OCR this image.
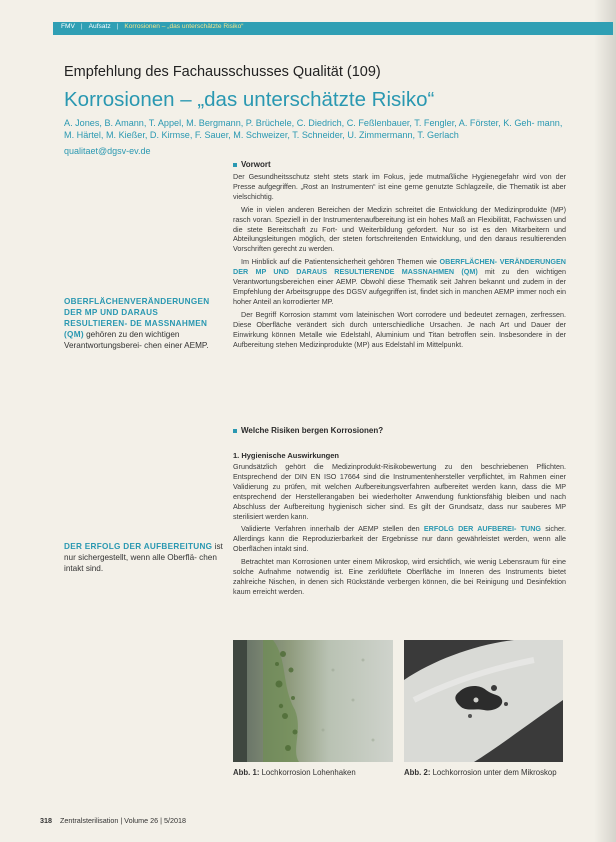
FMV | Aufsatz | Korrosionen – „das unterschätzte Risiko“
Empfehlung des Fachausschusses Qualität (109)
Korrosionen – „das unterschätzte Risiko“
A. Jones, B. Amann, T. Appel, M. Bergmann, P. Brüchele, C. Diedrich, C. Feßlenbauer, T. Fengler, A. Förster, K. Geh- mann, M. Härtel, M. Kießer, D. Kirmse, F. Sauer, M. Schweizer, T. Schneider, U. Zimmermann, T. Gerlach
qualitaet@dgsv-ev.de
OBERFLÄCHENVERÄNDERUNGEN DER MP UND DARAUS RESULTIEREN- DE MASSNAHMEN (QM) gehören zu den wichtigen Verantwortungsberei- chen einer AEMP.
DER ERFOLG DER AUFBEREITUNG ist nur sichergestellt, wenn alle Oberflä- chen intakt sind.
Vorwort

Der Gesundheitsschutz steht stets stark im Fokus, jede mutmaßliche Hygienegefahr wird von der Presse aufgegriffen. „Rost an Instrumenten“ ist eine gerne genutzte Schlagzeile, die Thematik ist aber vielschichtig.

Wie in vielen anderen Bereichen der Medizin schreitet die Entwicklung der Medizinprodukte (MP) rasch voran. Speziell in der Instrumentenaufbereitung ist ein hohes Maß an Flexibilität, Fachwissen und die stete Bereitschaft zu Fort- und Weiterbildung gefordert. Nur so ist es den Mitarbeitern und Abteilungsleitungen möglich, der steten fortschreitenden Entwicklung, und den daraus resultierenden Vorschriften gerecht zu werden.

Im Hinblick auf die Patientensicherheit gehören Themen wie OBERFLÄCHEN- VERÄNDERUNGEN DER MP UND DARAUS RESULTIERENDE MASSNAHMEN (QM) mit zu den wichtigen Verantwortungsbereichen einer AEMP. Obwohl diese Thematik seit Jahren bekannt und zudem in der Empfehlung der Arbeitsgruppe des DGSV aufgegriffen ist, findet sich in manchen AEMP immer noch ein hoher Anteil an korrodierter MP.

Der Begriff Korrosion stammt vom lateinischen Wort corrodere und bedeutet zernagen, zerfressen. Diese Oberfläche verändert sich durch unterschiedliche Ursachen. Je nach Art und Dauer der Einwirkung können Metalle wie Edelstahl, Aluminium und Titan betroffen sein. Insbesondere in der Aufbereitung stehen Medizinprodukte (MP) aus Edelstahl im Mittelpunkt.

Welche Risiken bergen Korrosionen?
1. Hygienische Auswirkungen

Grundsätzlich gehört die Medizinprodukt-Risikobewertung zu den beschriebenen Pflichten. Entsprechend der DIN EN ISO 17664 sind die Instrumentenhersteller verpflichtet, im Rahmen einer Validierung zu prüfen, mit welchen Aufbereitungsverfahren aufbereitet werden kann, dass die MP entsprechend der Herstellerangaben bei wiederholter Anwendung funktionsfähig bleiben und nach Abschluss der Aufbereitung hygienisch sicher sind. Es gilt der Grundsatz, dass nur sauberes MP sterilisiert werden kann.

Validierte Verfahren innerhalb der AEMP stellen den ERFOLG DER AUFBEREI- TUNG sicher. Allerdings kann die Reproduzierbarkeit der Ergebnisse nur dann gewährleistet werden, wenn alle Oberflächen intakt sind.

Betrachtet man Korrosionen unter einem Mikroskop, wird ersichtlich, wie wenig Lebensraum für eine solche Aufnahme notwendig ist. Eine zerklüftete Oberfläche im Inneren des Instruments bietet zahlreiche Nischen, in denen sich Rückstände verbergen können, die bei Reinigung und Desinfektion kaum erreicht werden.

Abb. 1: Lochkorrosion Lohenhaken	Abb. 2: Lochkorrosion unter dem Mikroskop
318 Zentralsterilisation | Volume 26 | 5/2018
